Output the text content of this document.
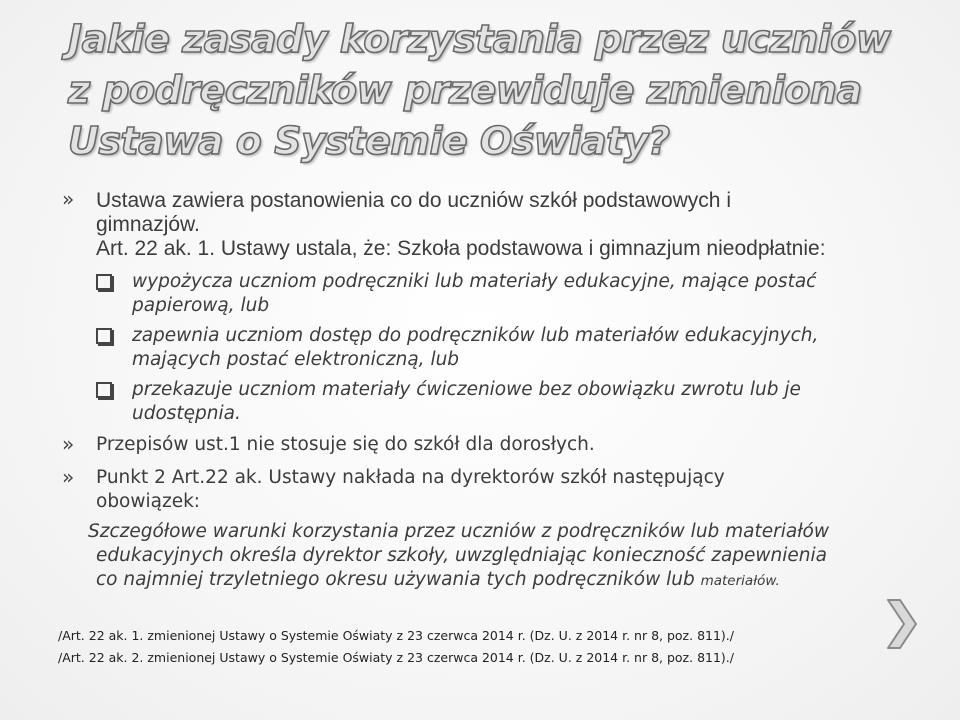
Jakie zasady korzystania przez uczniów
z podręczników przewiduje zmieniona
Ustawa o Systemie Oświaty?
» Ustawa zawiera postanowienia co do uczniów szkół podstawowych i
gimnazjów.
Art. 22 ak. 1. Ustawy ustala, że: Szkoła podstawowa i gimnazjum nieodpłatnie:
wypożycza uczniom podręczniki lub materiały edukacyjne, mające postać
papierową, lub
zapewnia uczniom dostęp do podręczników lub materiałów edukacyjnych,
mających postać elektroniczną, lub
przekazuje uczniom materiały ćwiczeniowe bez obowiązku zwrotu lub je
udostępnia.
» Przepisów ust.1 nie stosuje się do szkół dla dorosłych.
» Punkt 2 Art.22 ak. Ustawy nakłada na dyrektorów szkół następujący
obowiązek:
Szczegółowe warunki korzystania przez uczniów z podręczników lub materiałów
edukacyjnych określa dyrektor szkoły, uwzględniając konieczność zapewnienia
co najmniej trzyletniego okresu używania tych podręczników lub materiałów.
/Art. 22 ak. 1. zmienionej Ustawy o Systemie Oświaty z 23 czerwca 2014 r. (Dz. U. z 2014 r. nr 8, poz. 811)./
/Art. 22 ak. 2. zmienionej Ustawy o Systemie Oświaty z 23 czerwca 2014 r. (Dz. U. z 2014 r. nr 8, poz. 811)./
